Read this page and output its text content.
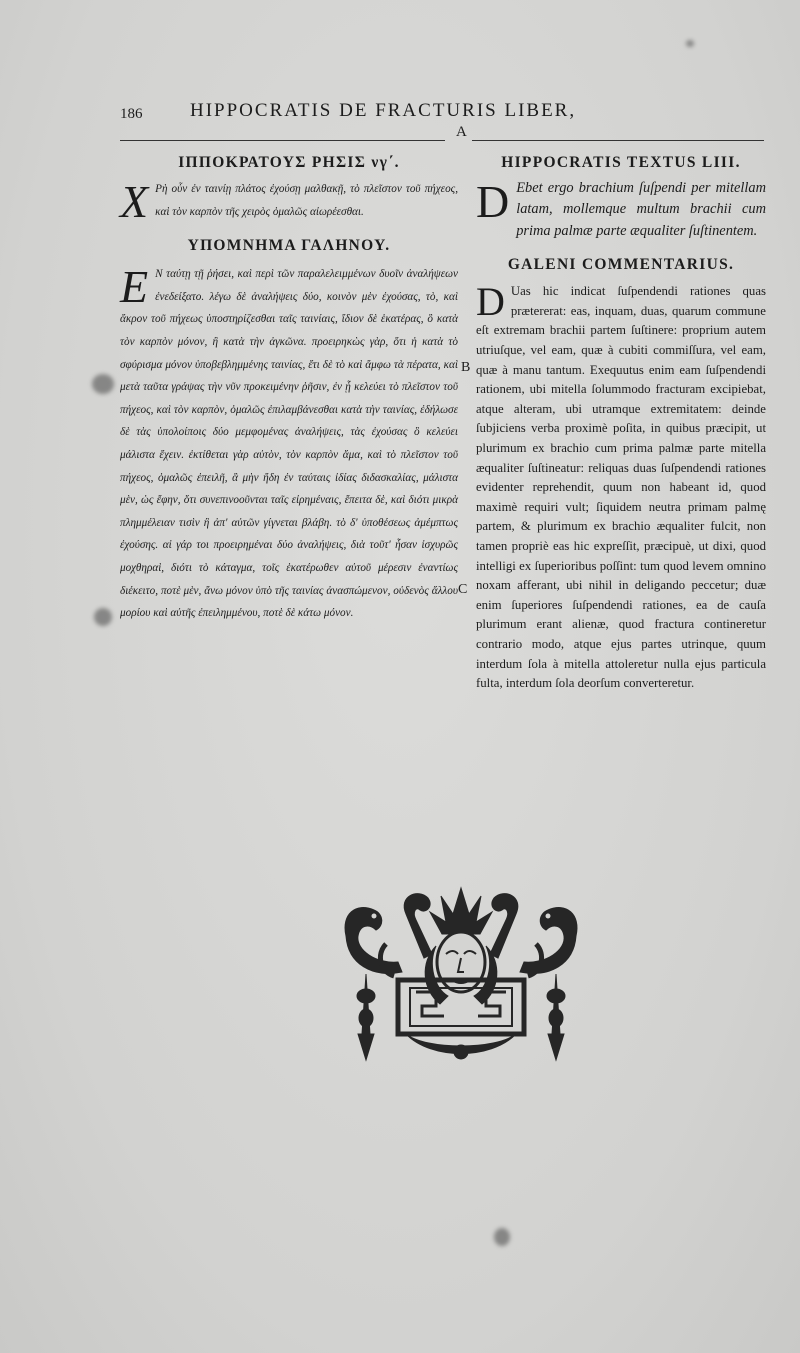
186	HIPPOCRATIS DE FRACTURIS LIBER,
A
ΙΠΠΟΚΡΑΤΟΥΣ ΡΗΣΙΣ νγ΄.

Χ Ρὴ οὖν ἐν ταινίῃ πλάτος ἐχούσῃ μαλθακῇ, τὸ πλεῖστον τοῦ πήχεος, καὶ τὸν καρπὸν τῆς χειρὸς ὁμαλῶς αἰωρέεσθαι.

ΥΠΟΜΝΗΜΑ ΓΑΛΗΝΟΥ.

Ε Ν ταύτῃ τῇ ῥήσει, καὶ περὶ τῶν παραλελειμμένων δυοῖν ἀναλήψεων ἐνεδείξατο. λέγω δὲ ἀναλήψεις δύο, κοινὸν μὲν ἐχούσας, τὸ, καὶ ἄκρον τοῦ πήχεως ὑποστηρίζεσθαι ταῖς ταινίαις, ἴδιον δὲ ἑκατέρας, ὃ κατὰ τὸν καρπὸν μόνον, ἢ κατὰ τὴν ἀγκῶνα. προειρηκὼς γὰρ, ὅτι ἡ κατὰ τὸ σφύρισμα μόνον ὑποβεβλημμένης ταινίας, ἔτι δὲ τὸ καὶ ἄμφω τὰ πέρατα, καὶ μετὰ ταῦτα γράψας τὴν νῦν προκειμένην ῥῆσιν, ἐν ᾗ κελεύει τὸ πλεῖστον τοῦ πήχεος, καὶ τὸν καρπὸν, ὁμαλῶς ἐπιλαμβάνεσθαι κατὰ τὴν ταινίας, ἐδήλωσε δὲ τὰς ὑπολοίποις δύο μεμφομένας ἀναλήψεις, τὰς ἐχούσας ὃ κελεύει μάλιστα ἔχειν. ἐκτίθεται γὰρ αὐτὸν, τὸν καρπὸν ἅμα, καὶ τὸ πλεῖστον τοῦ πήχεος, ὁμαλῶς ἐπειλῆ, ἃ μὴν ἤδη ἐν ταύταις ἰδίας διδασκαλίας, μάλιστα μὲν, ὡς ἔφην, ὅτι συνεπινοοῦνται ταῖς εἰρημέναις, ἔπειτα δὲ, καὶ διότι μικρὰ πλημμέλειαν τισὶν ἢ ἀπ' αὐτῶν γίγνεται βλάβη. τὸ δ' ὑποθέσεως ἀμέμπτως ἐχούσης. αἱ γάρ τοι προειρημέναι δύο ἀναλήψεις, διὰ τοῦτ' ἦσαν ἰσχυρῶς μοχθηραὶ, διότι τὸ κάταγμα, τοῖς ἑκατέρωθεν αὐτοῦ μέρεσιν ἐναντίως διέκειτο, ποτὲ μὲν, ἄνω μόνον ὑπὸ τῆς ταινίας ἀνασπώμενον, οὐδενὸς ἄλλου μορίου καὶ αὐτῆς ἐπειλημμένου, ποτὲ δὲ κάτω μόνον.

HIPPOCRATIS TEXTUS LIII.

D Ebet ergo brachium ſuſpendi per mitellam latam, mollemque multum brachii cum prima palmæ parte æqualiter ſuſtinentem.

GALENI COMMENTARIUS.

D Uas hic indicat ſuſpendendi rationes quas prætererat: eas, inquam, duas, quarum commune eſt extremam brachii partem ſuſtinere: proprium autem utriuſque, vel eam, quæ à cubiti commiſſura, vel eam, quæ à manu tantum. Exequutus enim eam ſuſpendendi rationem, ubi mitella ſolummodo fracturam excipiebat, atque alteram, ubi utramque extremitatem: deinde ſubjiciens verba proximè poſita, in quibus præcipit, ut plurimum ex brachio cum prima palmæ parte mitella æqualiter ſuſtineatur: reliquas duas ſuſpendendi rationes evidenter reprehendit, quum non habeant id, quod maximè requiri vult; ſiquidem neutra primam palmę partem, & plurimum ex brachio æqualiter fulcit, non tamen propriè eas hic expreſſit, præcipuè, ut dixi, quod intelligi ex ſuperioribus poſſint: tum quod levem omnino noxam afferant, ubi nihil in deligando peccetur; duæ enim ſuperiores ſuſpendendi rationes, ea de cauſa plurimum erant alienæ, quod fractura contineretur contrario modo, atque ejus partes utrinque, quum interdum ſola à mitella attoleretur nulla ejus particula fulta, interdum ſola deorſum converteretur.

B
C
